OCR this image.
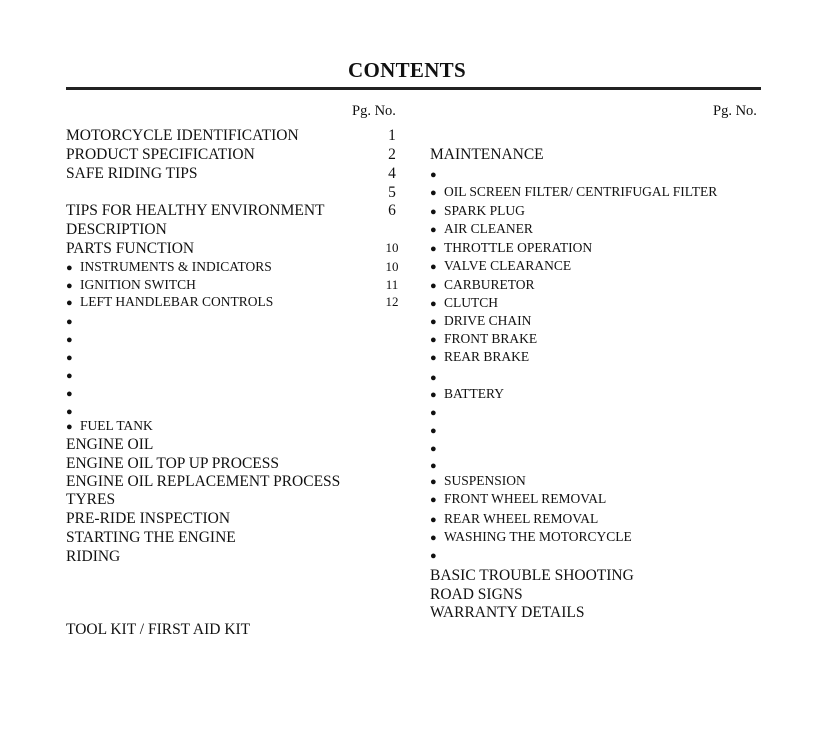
CONTENTS
Pg. No.	Pg. No.
MOTORCYCLE IDENTIFICATION	1
PRODUCT SPECIFICATION	2
SAFE RIDING TIPS	4
5
TIPS FOR HEALTHY ENVIRONMENT	6
DESCRIPTION
PARTS FUNCTION	10
● INSTRUMENTS & INDICATORS	10
● IGNITION SWITCH	11
● LEFT HANDLEBAR CONTROLS	12
●
●
●
●
●
●
● FUEL TANK
ENGINE OIL
ENGINE OIL TOP UP PROCESS
ENGINE OIL REPLACEMENT PROCESS
TYRES
PRE-RIDE INSPECTION
STARTING THE ENGINE
RIDING
TOOL KIT / FIRST AID KIT
MAINTENANCE
●
● OIL SCREEN FILTER/ CENTRIFUGAL FILTER
● SPARK PLUG
● AIR CLEANER
● THROTTLE OPERATION
● VALVE CLEARANCE
● CARBURETOR
● CLUTCH
● DRIVE CHAIN
● FRONT BRAKE
● REAR BRAKE
●
● BATTERY
●
●
●
●
● SUSPENSION
● FRONT WHEEL REMOVAL
● REAR WHEEL REMOVAL
● WASHING THE MOTORCYCLE
●
BASIC TROUBLE SHOOTING
ROAD SIGNS
WARRANTY DETAILS
